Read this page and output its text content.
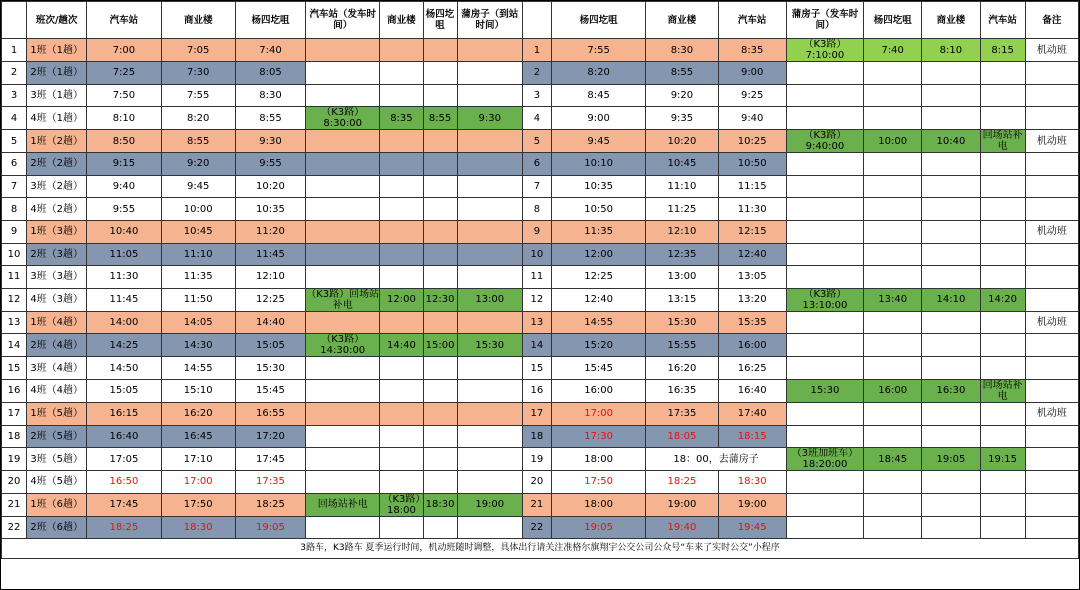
	班次/趟次	汽车站	商业楼	杨四圪咀	汽车站（发车时间）	商业楼	杨四圪咀	蒲房子（到站时间）		杨四圪咀	商业楼	汽车站	蒲房子（发车时间）	杨四圪咀	商业楼	汽车站	备注
1	1班（1趟）	7:00	7:05	7:40					1	7:55	8:30	8:35	（K3路）7:10:00	7:40	8:10	8:15	机动班
2	2班（1趟）	7:25	7:30	8:05					2	8:20	8:55	9:00					
3	3班（1趟）	7:50	7:55	8:30					3	8:45	9:20	9:25					
4	4班（1趟）	8:10	8:20	8:55	（K3路）8:30:00	8:35	8:55	9:30	4	9:00	9:35	9:40					
5	1班（2趟）	8:50	8:55	9:30					5	9:45	10:20	10:25	（K3路）9:40:00	10:00	10:40	回场站补电	机动班
6	2班（2趟）	9:15	9:20	9:55					6	10:10	10:45	10:50					
7	3班（2趟）	9:40	9:45	10:20					7	10:35	11:10	11:15					
8	4班（2趟）	9:55	10:00	10:35					8	10:50	11:25	11:30					
9	1班（3趟）	10:40	10:45	11:20					9	11:35	12:10	12:15					机动班
10	2班（3趟）	11:05	11:10	11:45					10	12:00	12:35	12:40					
11	3班（3趟）	11:30	11:35	12:10					11	12:25	13:00	13:05					
12	4班（3趟）	11:45	11:50	12:25	（K3路）回场站补电	12:00	12:30	13:00	12	12:40	13:15	13:20	（K3路）13:10:00	13:40	14:10	14:20	
13	1班（4趟）	14:00	14:05	14:40					13	14:55	15:30	15:35					机动班
14	2班（4趟）	14:25	14:30	15:05	（K3路）14:30:00	14:40	15:00	15:30	14	15:20	15:55	16:00					
15	3班（4趟）	14:50	14:55	15:30					15	15:45	16:20	16:25					
16	4班（4趟）	15:05	15:10	15:45					16	16:00	16:35	16:40	15:30	16:00	16:30	回场站补电	
17	1班（5趟）	16:15	16:20	16:55					17	17:00	17:35	17:40					机动班
18	2班（5趟）	16:40	16:45	17:20					18	17:30	18:05	18:15					
19	3班（5趟）	17:05	17:10	17:45					19	18:00	18：00，去蒲房子		（3班加班车）18:20:00	18:45	19:05	19:15	
20	4班（5趟）	16:50	17:00	17:35					20	17:50	18:25	18:30					
21	1班（6趟）	17:45	17:50	18:25	回场站补电	（K3路）18:00	18:30	19:00	21	18:00	19:00	19:00					
22	2班（6趟）	18:25	18:30	19:05					22	19:05	19:40	19:45					
3路车，K3路车 夏季运行时间，机动班随时调整，具体出行请关注准格尔旗翔宇公交公司公众号“车来了实时公交”小程序																	
